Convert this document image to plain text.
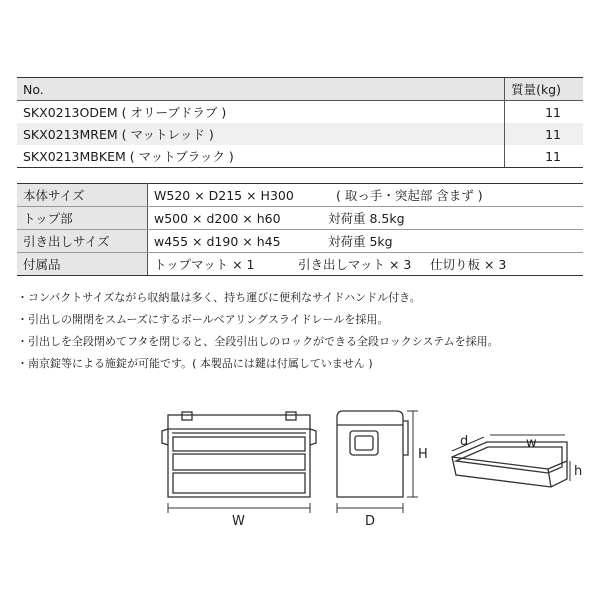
No.	質量(kg)
SKX0213ODEM ( オリーブドラブ )	11
SKX0213MREM ( マットレッド )	11
SKX0213MBKEM ( マットブラック )	11
本体サイズ	W520 × D215 × H300 ( 取っ手・突起部 含まず )
トップ部	w500 × d200 × h60 対荷重 8.5kg
引き出しサイズ	w455 × d190 × h45 対荷重 5kg
付属品	トップマット × 1 引き出しマット × 3 仕切り板 × 3
・コンパクトサイズながら収納量は多く、持ち運びに便利なサイドハンドル付き。
・引出しの開閉をスムーズにするボールベアリングスライドレールを採用。
・引出しを全段閉めてフタを閉じると、全段引出しのロックができる全段ロックシステムを採用。
・南京錠等による施錠が可能です。( 本製品には鍵は付属していません )
W	D
H
d	w
h
